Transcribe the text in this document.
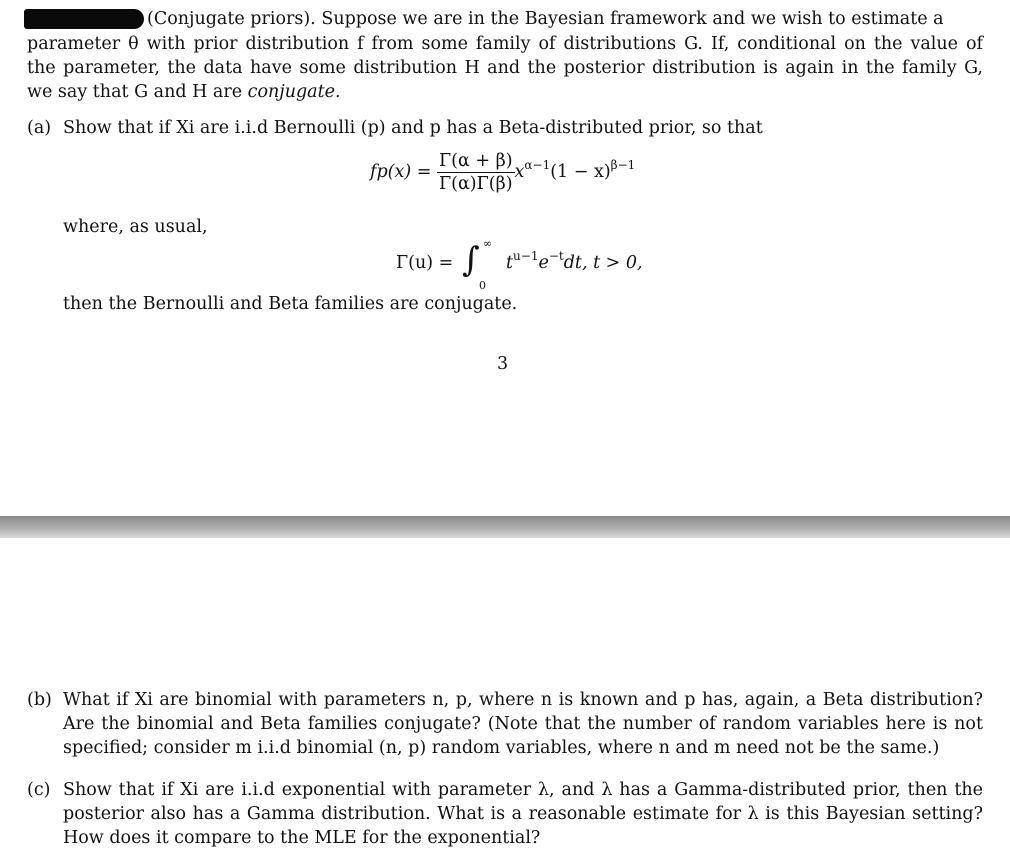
(Conjugate priors). Suppose we are in the Bayesian framework and we wish to estimate a
parameter θ with prior distribution f from some family of distributions G. If, conditional on the value of
the parameter, the data have some distribution H and the posterior distribution is again in the family G,
we say that G and H are conjugate.
(a) Show that if Xi are i.i.d Bernoulli (p) and p has a Beta-distributed prior, so that
$fp(x) = \frac{\Gamma(\alpha + \beta)}{\Gamma(\alpha)\Gamma(\beta)} x^{\alpha-1}(1 - x)^{\beta-1}$
where, as usual,
Γ(u) = ∫ ∞
0
$t^{u-1}e^{-t}dt$, t > 0,
then the Bernoulli and Beta families are conjugate.
3
(b) What if Xi are binomial with parameters n, p, where n is known and p has, again, a Beta distribution?
Are the binomial and Beta families conjugate? (Note that the number of random variables here is not
specified; consider m i.i.d binomial (n, p) random variables, where n and m need not be the same.)
(c) Show that if Xi are i.i.d exponential with parameter λ, and λ has a Gamma-distributed prior, then the
posterior also has a Gamma distribution. What is a reasonable estimate for λ is this Bayesian setting?
How does it compare to the MLE for the exponential?
